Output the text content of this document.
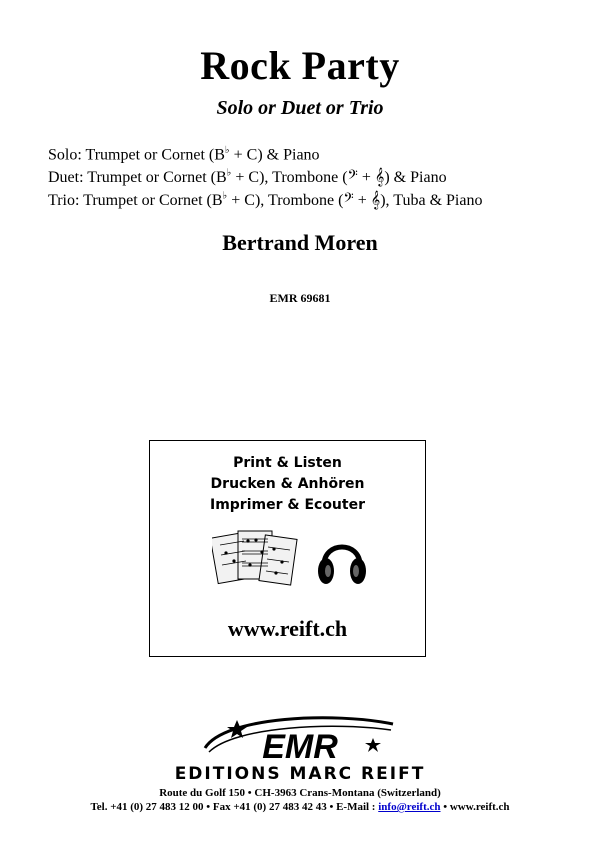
Rock Party
Solo or Duet or Trio
Solo: Trumpet or Cornet (B♭ + C) & Piano
Duet: Trumpet or Cornet (B♭ + C), Trombone (𝄢 + 𝄞) & Piano
Trio: Trumpet or Cornet (B♭ + C), Trombone (𝄢 + 𝄞), Tuba & Piano
Bertrand Moren
EMR 69681
Print & Listen
Drucken & Anhören
Imprimer & Ecouter
www.reift.ch
EMR
EDITIONS MARC REIFT
Route du Golf 150 • CH-3963 Crans-Montana (Switzerland)
Tel. +41 (0) 27 483 12 00 • Fax +41 (0) 27 483 42 43 • E-Mail : info@reift.ch • www.reift.ch
